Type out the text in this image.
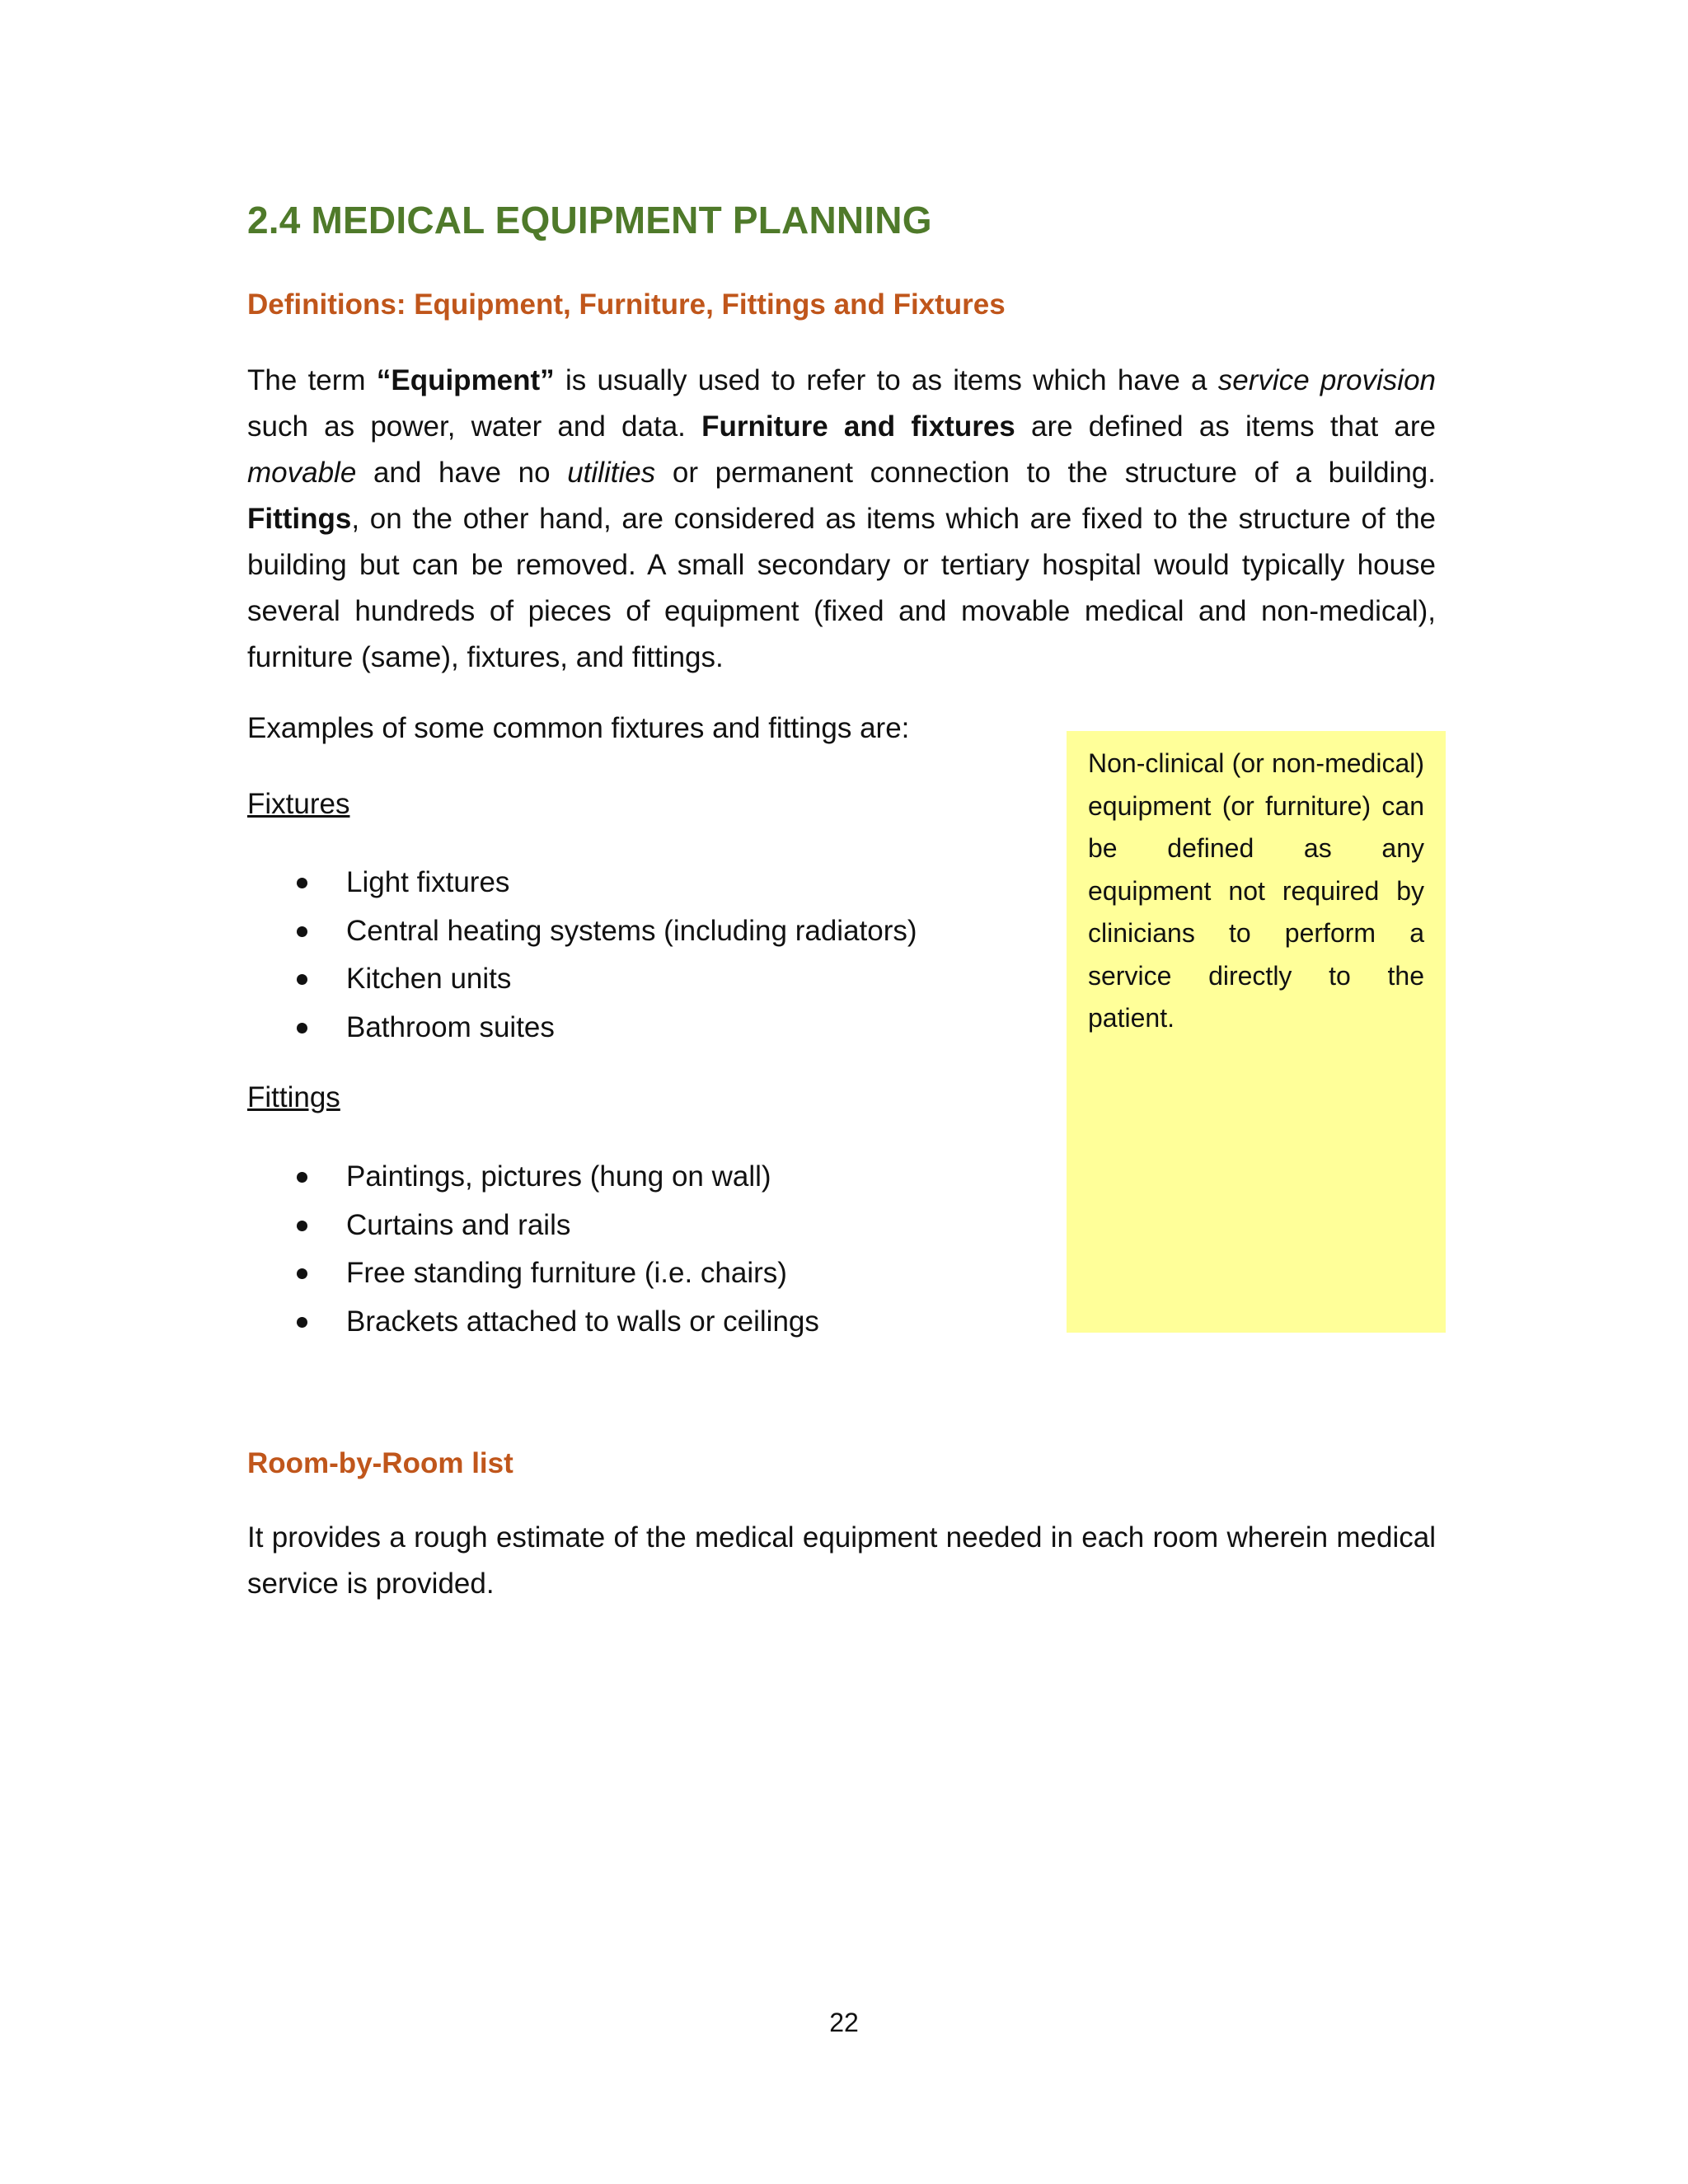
2.4 MEDICAL EQUIPMENT PLANNING
Definitions: Equipment, Furniture, Fittings and Fixtures

The term “Equipment” is usually used to refer to as items which have a service provision such as power, water and data. Furniture and fixtures are defined as items that are movable and have no utilities or permanent connection to the structure of a building. Fittings, on the other hand, are considered as items which are fixed to the structure of the building but can be removed. A small secondary or tertiary hospital would typically house several hundreds of pieces of equipment (fixed and movable medical and non-medical), furniture (same), fixtures, and fittings.

Examples of some common fixtures and fittings are:

Fixtures

Light fixtures
Central heating systems (including radiators)
Kitchen units
Bathroom suites

Fittings

Paintings, pictures (hung on wall)
Curtains and rails
Free standing furniture (i.e. chairs)
Brackets attached to walls or ceilings

Non-clinical (or non-medical) equipment (or furniture) can be defined as any equipment not required by clinicians to perform a service directly to the patient.

Room-by-Room list

It provides a rough estimate of the medical equipment needed in each room wherein medical service is provided.

22
